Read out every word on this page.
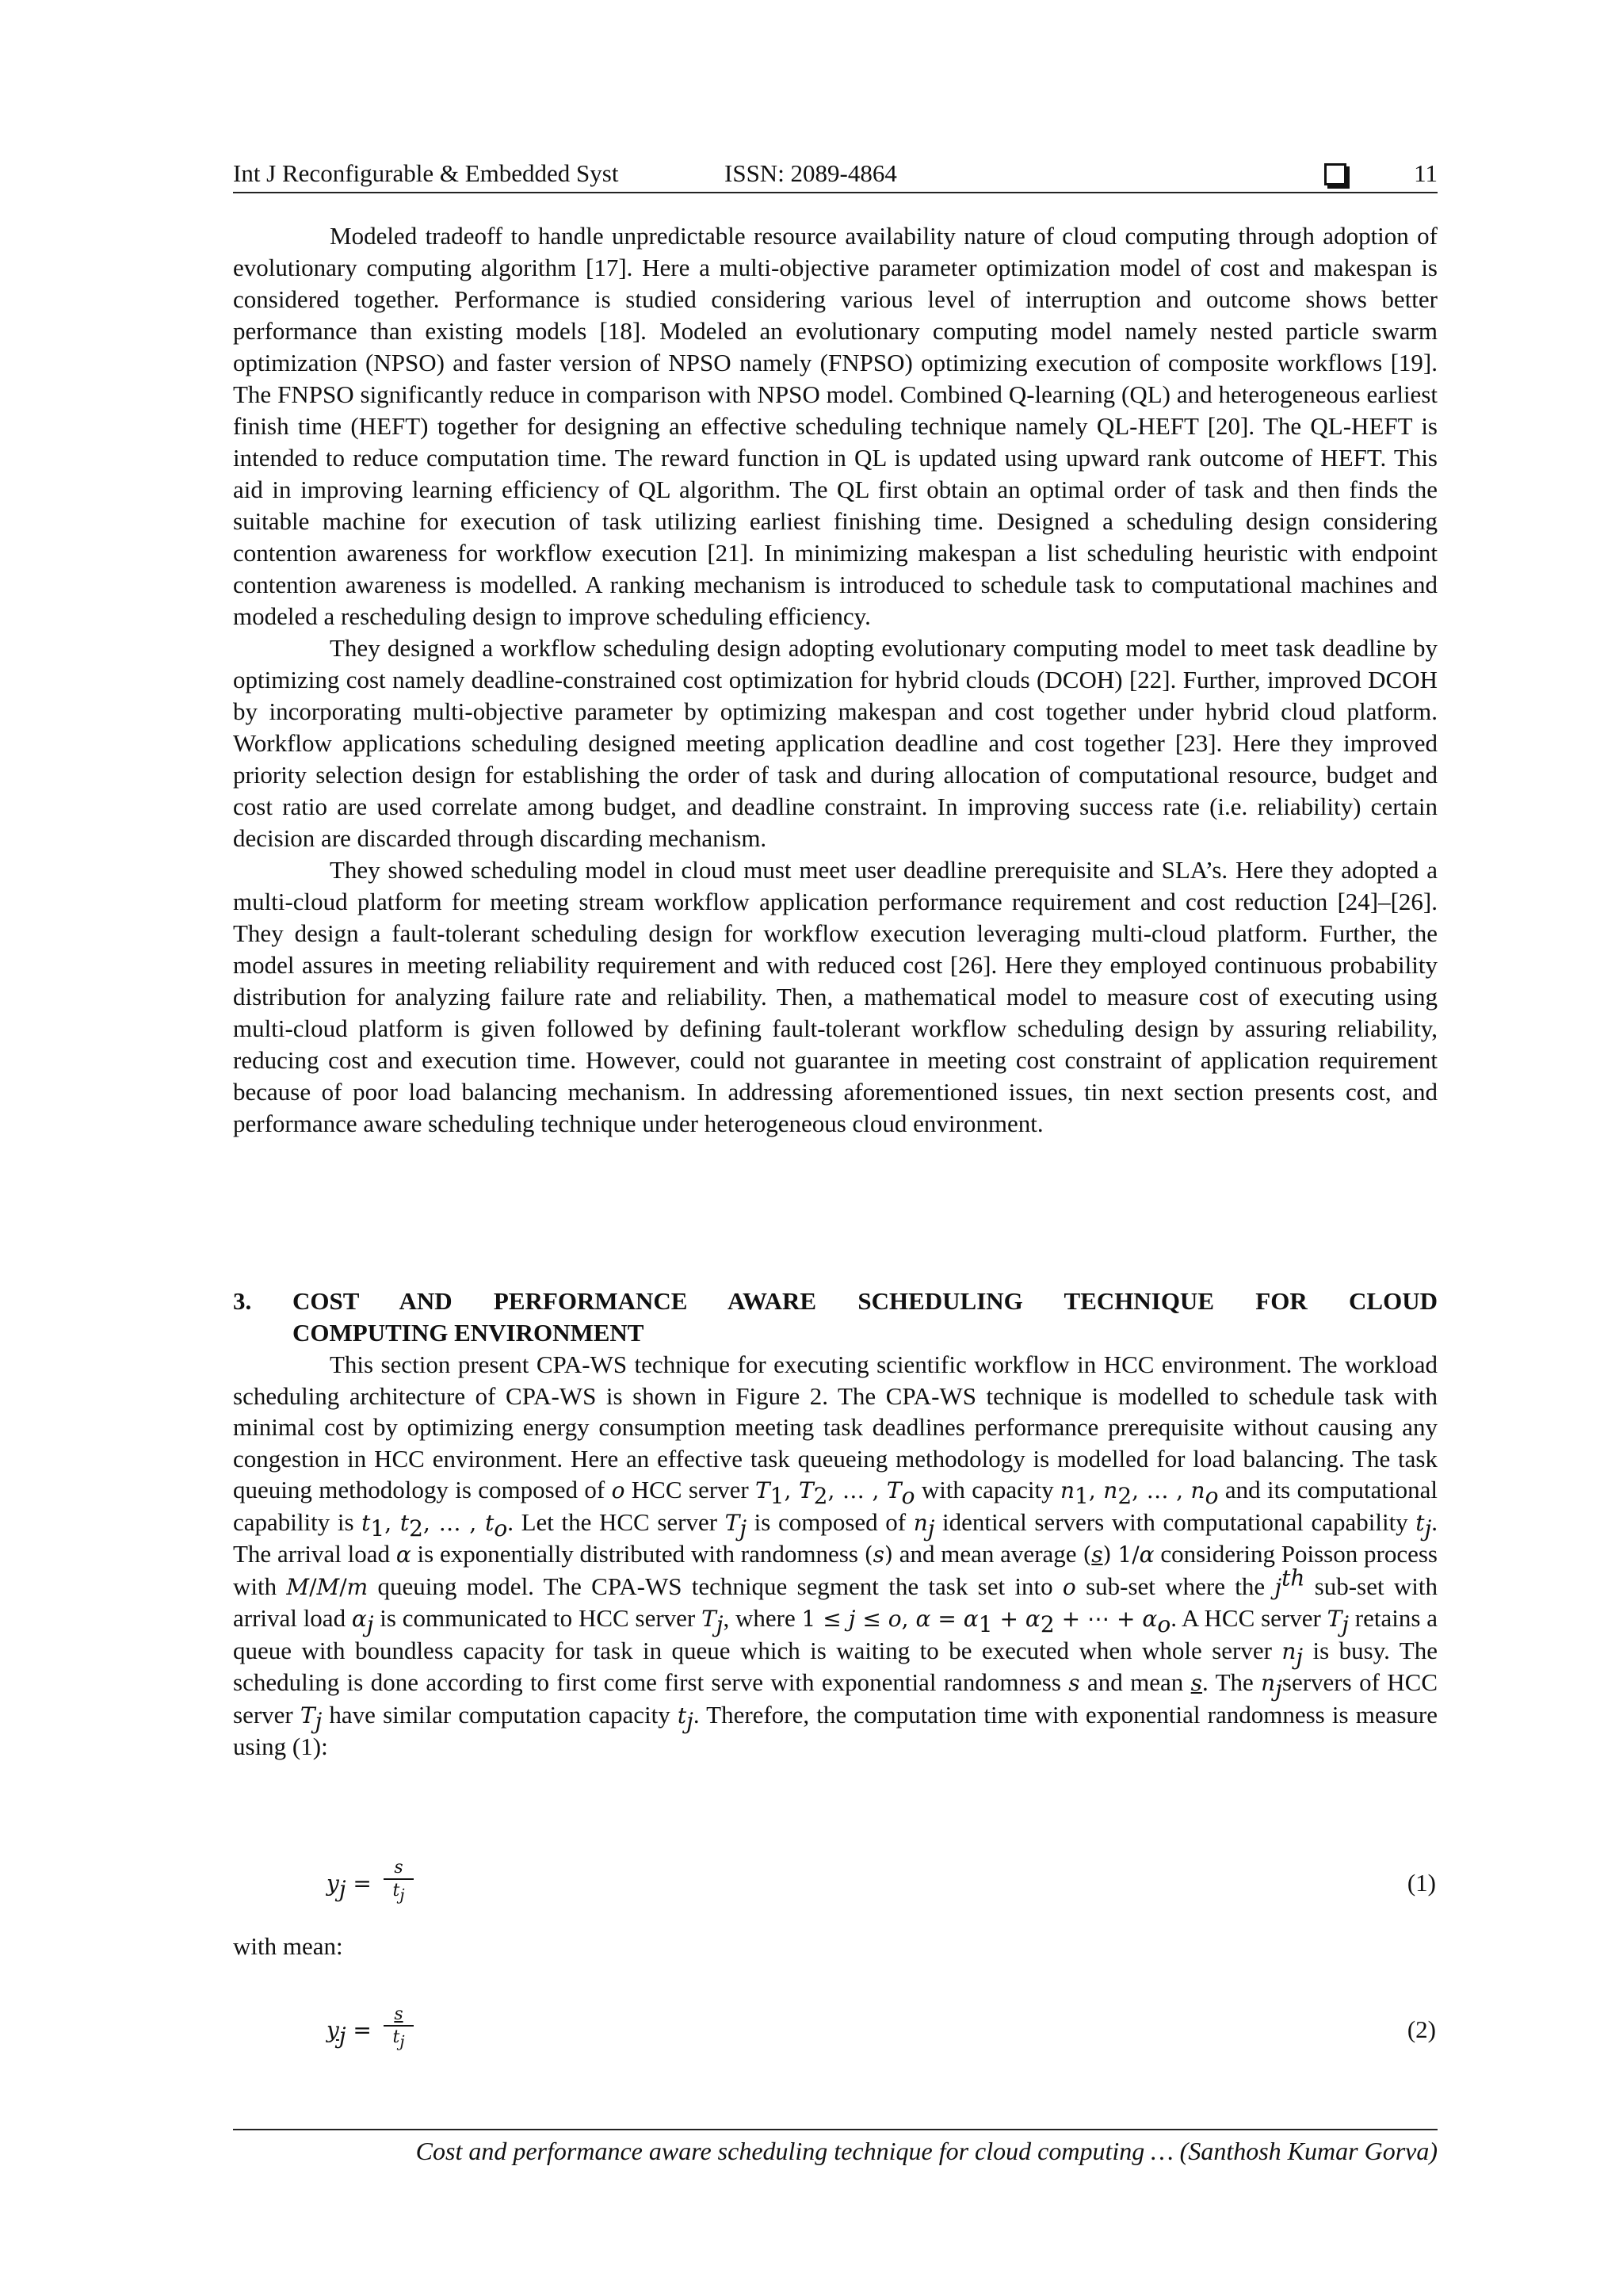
Int J Reconfigurable & Embedded Syst	ISSN: 2089-4864	11

Modeled tradeoff to handle unpredictable resource availability nature of cloud computing through adoption of evolutionary computing algorithm [17]. Here a multi-objective parameter optimization model of cost and makespan is considered together. Performance is studied considering various level of interruption and outcome shows better performance than existing models [18]. Modeled an evolutionary computing model namely nested particle swarm optimization (NPSO) and faster version of NPSO namely (FNPSO) optimizing execution of composite workflows [19]. The FNPSO significantly reduce in comparison with NPSO model. Combined Q-learning (QL) and heterogeneous earliest finish time (HEFT) together for designing an effective scheduling technique namely QL-HEFT [20]. The QL-HEFT is intended to reduce computation time. The reward function in QL is updated using upward rank outcome of HEFT. This aid in improving learning efficiency of QL algorithm. The QL first obtain an optimal order of task and then finds the suitable machine for execution of task utilizing earliest finishing time. Designed a scheduling design considering contention awareness for workflow execution [21]. In minimizing makespan a list scheduling heuristic with endpoint contention awareness is modelled. A ranking mechanism is introduced to schedule task to computational machines and modeled a rescheduling design to improve scheduling efficiency.

They designed a workflow scheduling design adopting evolutionary computing model to meet task deadline by optimizing cost namely deadline-constrained cost optimization for hybrid clouds (DCOH) [22]. Further, improved DCOH by incorporating multi-objective parameter by optimizing makespan and cost together under hybrid cloud platform. Workflow applications scheduling designed meeting application deadline and cost together [23]. Here they improved priority selection design for establishing the order of task and during allocation of computational resource, budget and cost ratio are used correlate among budget, and deadline constraint. In improving success rate (i.e. reliability) certain decision are discarded through discarding mechanism.

They showed scheduling model in cloud must meet user deadline prerequisite and SLA’s. Here they adopted a multi-cloud platform for meeting stream workflow application performance requirement and cost reduction [24]–[26]. They design a fault-tolerant scheduling design for workflow execution leveraging multi-cloud platform. Further, the model assures in meeting reliability requirement and with reduced cost [26]. Here they employed continuous probability distribution for analyzing failure rate and reliability. Then, a mathematical model to measure cost of executing using multi-cloud platform is given followed by defining fault-tolerant workflow scheduling design by assuring reliability, reducing cost and execution time. However, could not guarantee in meeting cost constraint of application requirement because of poor load balancing mechanism. In addressing aforementioned issues, tin next section presents cost, and performance aware scheduling technique under heterogeneous cloud environment.

3. COST AND PERFORMANCE AWARE SCHEDULING TECHNIQUE FOR CLOUD
COMPUTING ENVIRONMENT

This section present CPA-WS technique for executing scientific workflow in HCC environment. The workload scheduling architecture of CPA-WS is shown in Figure 2. The CPA-WS technique is modelled to schedule task with minimal cost by optimizing energy consumption meeting task deadlines performance prerequisite without causing any congestion in HCC environment. Here an effective task queueing methodology is modelled for load balancing. The task queuing methodology is composed of o HCC server $T_1$, $T_2$, … , $T_o$ with capacity $n_1$, $n_2$, … , $n_o$ and its computational capability is $t_1$, $t_2$, … , $t_o$. Let the HCC server $T_j$ is composed of $n_j$ identical servers with computational capability $t_j$. The arrival load α is exponentially distributed with randomness (s) and mean average (s) 1/α considering Poisson process with M/M/m queuing model. The CPA-WS technique segment the task set into o sub-set where the $j^{th}$ sub-set with arrival load $\alpha_j$ is communicated to HCC server $T_j$, where 1 ≤ j ≤ o, $\alpha = \alpha_1 + \alpha_2$ + ⋯ + $\alpha_o$. A HCC server $T_j$ retains a queue with boundless capacity for task in queue which is waiting to be executed when whole server $n_j$ is busy. The scheduling is done according to first come first serve with exponential randomness s and mean s. The $n_jservers$ of HCC server $T_j$ have similar computation capacity $t_j$. Therefore, the computation time with exponential randomness is measure using (1):

$y_j = \frac{s}{t_j}$	(1)
with mean:
$y_j = \frac{s}{t_j}$	(2)
Cost and performance aware scheduling technique for cloud computing … (Santhosh Kumar Gorva)
